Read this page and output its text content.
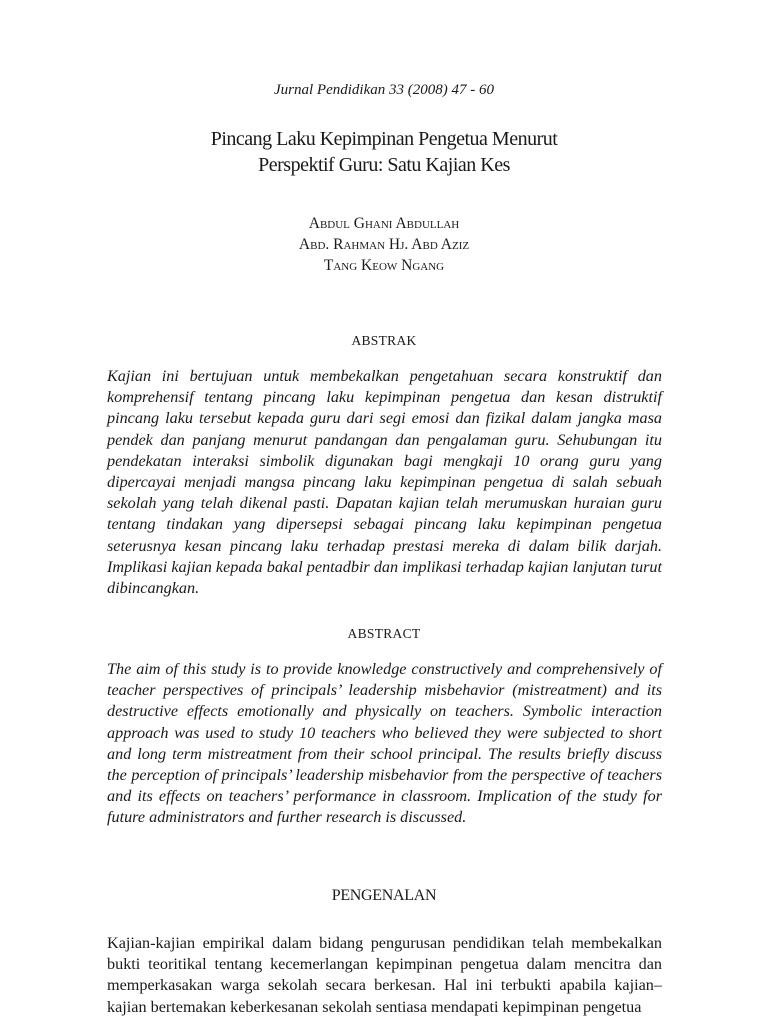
Jurnal Pendidikan 33 (2008) 47 - 60
Pincang Laku Kepimpinan Pengetua Menurut
Perspektif Guru: Satu Kajian Kes
Abdul Ghani Abdullah
Abd. Rahman Hj. Abd Aziz
Tang Keow Ngang
ABSTRAK
Kajian ini bertujuan untuk membekalkan pengetahuan secara konstruktif dan komprehensif tentang pincang laku kepimpinan pengetua dan kesan distruktif pincang laku tersebut kepada guru dari segi emosi dan fizikal dalam jangka masa pendek dan panjang menurut pandangan dan pengalaman guru. Sehubungan itu pendekatan interaksi simbolik digunakan bagi mengkaji 10 orang guru yang dipercayai menjadi mangsa pincang laku kepimpinan pengetua di salah sebuah sekolah yang telah dikenal pasti. Dapatan kajian telah merumuskan huraian guru tentang tindakan yang dipersepsi sebagai pincang laku kepimpinan pengetua seterusnya kesan pincang laku terhadap prestasi mereka di dalam bilik darjah. Implikasi kajian kepada bakal pentadbir dan implikasi terhadap kajian lanjutan turut dibincangkan.
ABSTRACT
The aim of this study is to provide knowledge constructively and comprehensively of teacher perspectives of principals’ leadership misbehavior (mistreatment) and its destructive effects emotionally and physically on teachers. Symbolic interaction approach was used to study 10 teachers who believed they were subjected to short and long term mistreatment from their school principal. The results briefly discuss the perception of principals’ leadership misbehavior from the perspective of teachers and its effects on teachers’ performance in classroom. Implication of the study for future administrators and further research is discussed.
PENGENALAN
Kajian-kajian empirikal dalam bidang pengurusan pendidikan telah membekalkan bukti teoritikal tentang kecemerlangan kepimpinan pengetua dalam mencitra dan memperkasakan warga sekolah secara berkesan. Hal ini terbukti apabila kajian–kajian bertemakan keberkesanan sekolah sentiasa mendapati kepimpinan pengetua
